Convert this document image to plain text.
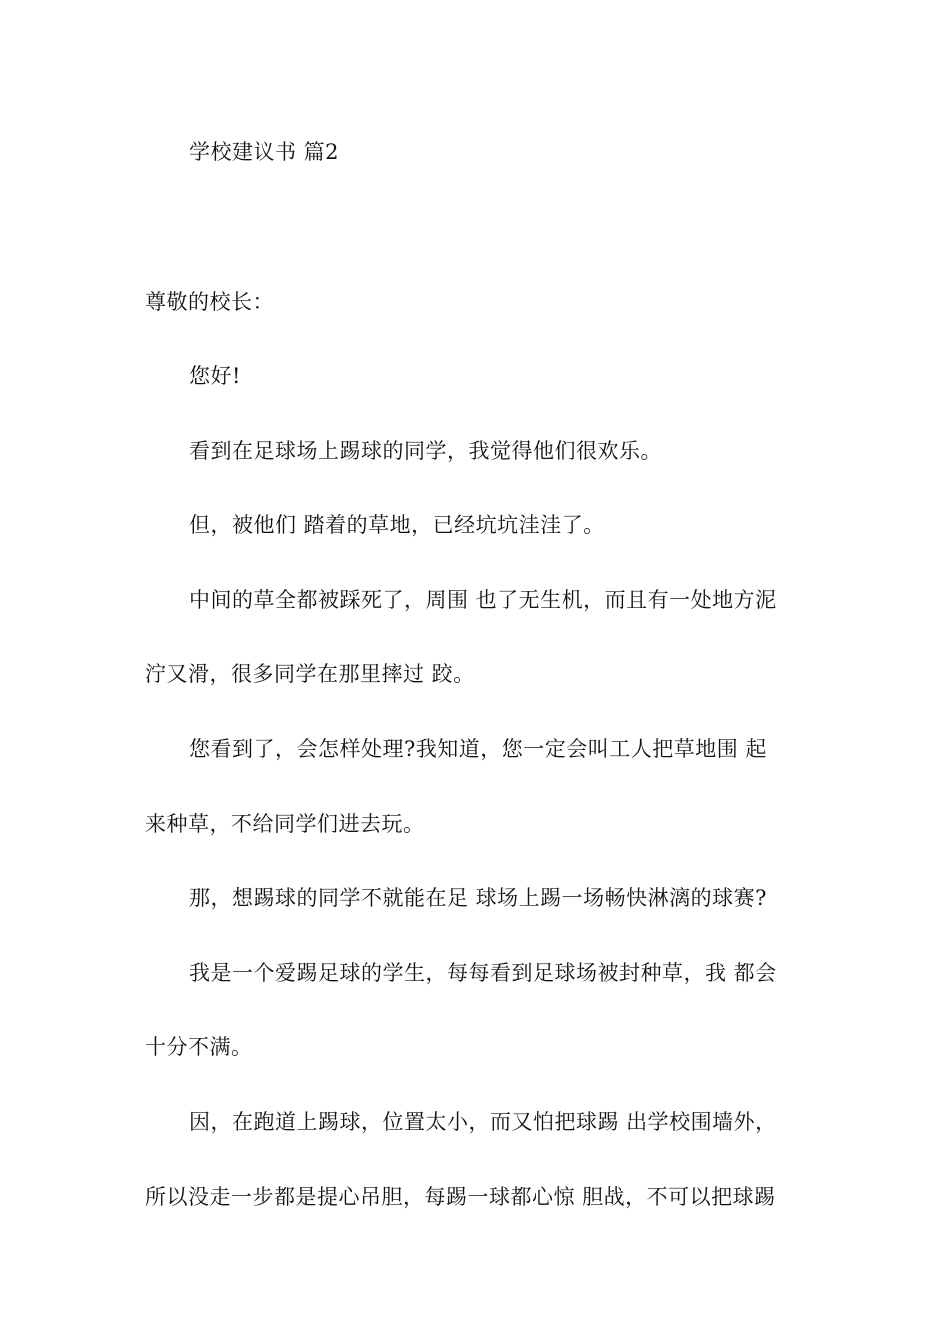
学校建议书 篇2
尊敬的校长：
您好!
看到在足球场上踢球的同学，我觉得他们很欢乐。
但，被他们 踏着的草地，已经坑坑洼洼了。
中间的草全都被踩死了，周围 也了无生机，而且有一处地方泥
泞又滑，很多同学在那里摔过 跤。
您看到了，会怎样处理?我知道，您一定会叫工人把草地围 起
来种草，不给同学们进去玩。
那，想踢球的同学不就能在足 球场上踢一场畅快淋漓的球赛?
我是一个爱踢足球的学生，每每看到足球场被封种草，我 都会
十分不满。
因，在跑道上踢球，位置太小，而又怕把球踢 出学校围墙外，
所以没走一步都是提心吊胆，每踢一球都心惊 胆战，不可以把球踢
